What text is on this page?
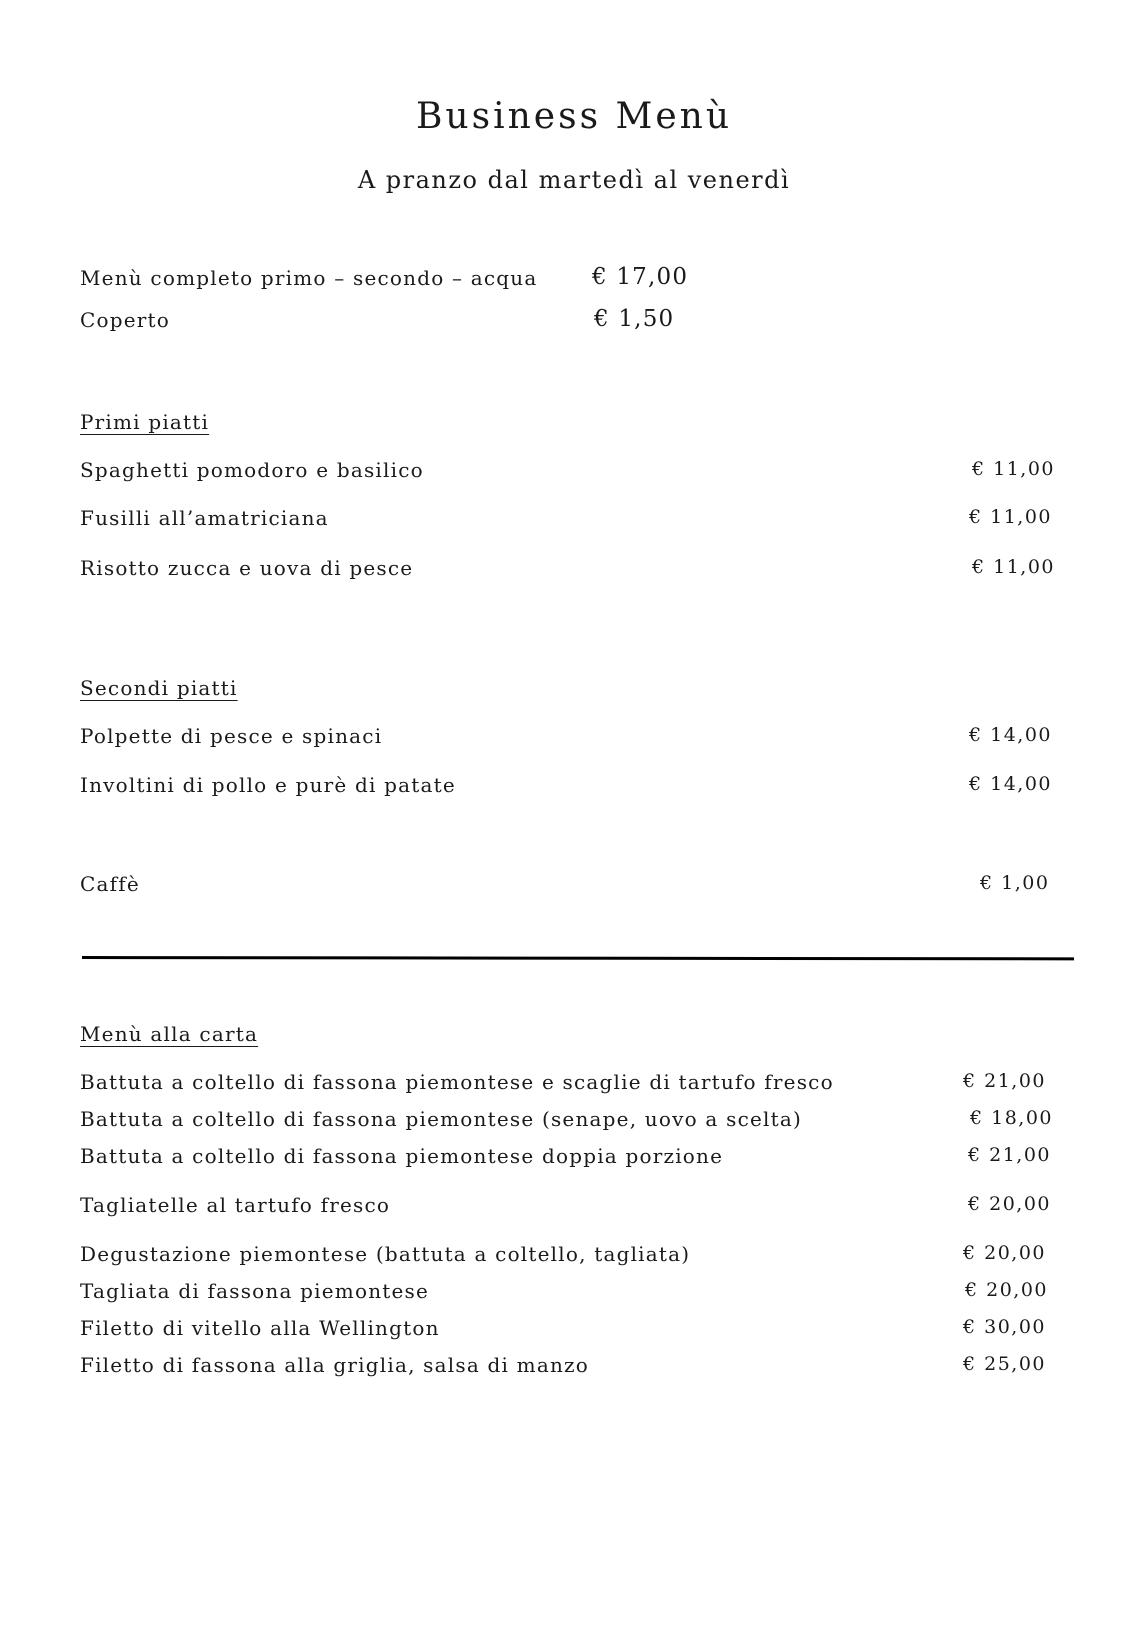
Business Menù
A pranzo dal martedì al venerdì
Menù completo primo – secondo – acqua € 17,00
Coperto	€ 1,50
Primi piatti
Spaghetti pomodoro e basilico	€ 11,00
Fusilli all’amatriciana	€ 11,00
Risotto zucca e uova di pesce	€ 11,00
Secondi piatti
Polpette di pesce e spinaci	€ 14,00
Involtini di pollo e purè di patate	€ 14,00
Caffè	€ 1,00
Menù alla carta
Battuta a coltello di fassona piemontese e scaglie di tartufo fresco	€ 21,00
Battuta a coltello di fassona piemontese (senape, uovo a scelta)	€ 18,00
Battuta a coltello di fassona piemontese doppia porzione	€ 21,00
Tagliatelle al tartufo fresco	€ 20,00
Degustazione piemontese (battuta a coltello, tagliata)	€ 20,00
Tagliata di fassona piemontese	€ 20,00
Filetto di vitello alla Wellington	€ 30,00
Filetto di fassona alla griglia, salsa di manzo	€ 25,00
